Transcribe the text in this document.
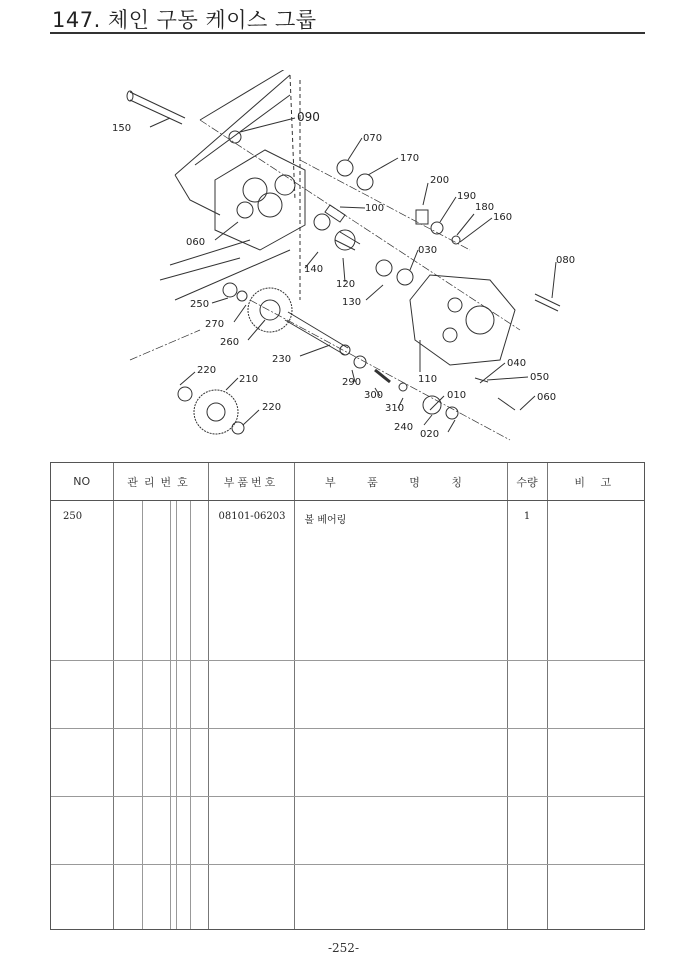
147. 체인 구동 케이스 그룹
150
090
070
170
200
190
180
160
100
030
080
060
140
120
130
250
270
260
230
110
040
050
220
210	290
300	010	060
220	310
240
020
NO	관리번호	부품번호	부 품 명 칭	수량	비 고

250		08101-06203	볼 베어링	1	

-252-
